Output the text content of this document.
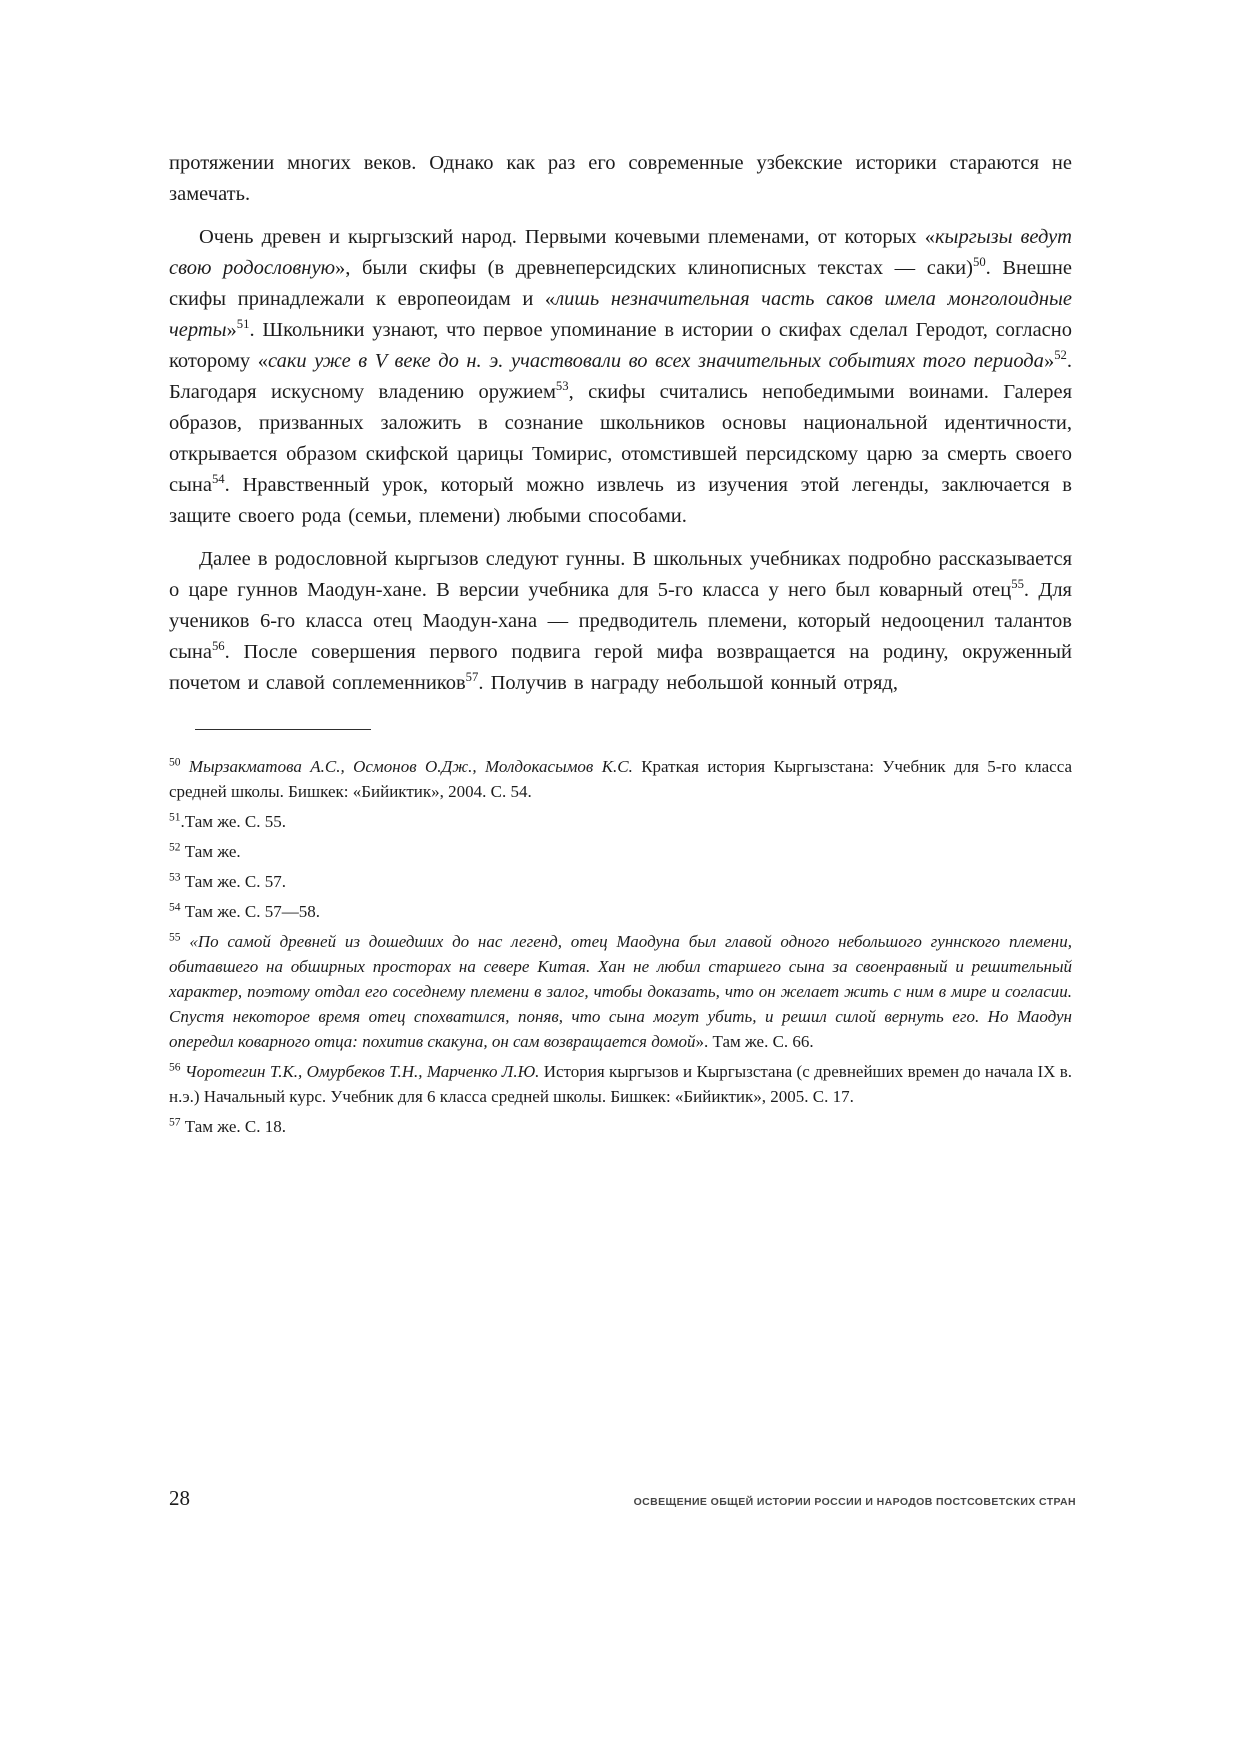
протяжении многих веков. Однако как раз его современные узбекские историки стараются не замечать.

Очень древен и кыргызский народ. Первыми кочевыми племенами, от которых «кыргызы ведут свою родословную», были скифы (в древнеперсидских клинописных текстах — саки)$^{50}$. Внешне скифы принадлежали к европеоидам и «лишь незначительная часть саков имела монголоидные черты»$^{51}$. Школьники узнают, что первое упоминание в истории о скифах сделал Геродот, согласно которому «саки уже в V веке до н. э. участвовали во всех значительных событиях того периода»$^{52}$. Благодаря искусному владению оружием$^{53}$, скифы считались непобедимыми воинами. Галерея образов, призванных заложить в сознание школьников основы национальной идентичности, открывается образом скифской царицы Томирис, отомстившей персидскому царю за смерть своего сына$^{54}$. Нравственный урок, который можно извлечь из изучения этой легенды, заключается в защите своего рода (семьи, племени) любыми способами.

Далее в родословной кыргызов следуют гунны. В школьных учебниках подробно рассказывается о царе гуннов Маодун-хане. В версии учебника для 5-го класса у него был коварный отец$^{55}$. Для учеников 6-го класса отец Маодун-хана — предводитель племени, который недооценил талантов сына$^{56}$. После совершения первого подвига герой мифа возвращается на родину, окруженный почетом и славой соплеменников$^{57}$. Получив в награду небольшой конный отряд,

$^{50}$ Мырзакматова А.С., Осмонов О.Дж., Молдокасымов К.С. Краткая история Кыргызстана: Учебник для 5-го класса средней школы. Бишкек: «Бийиктик», 2004. С. 54.

$^{51}$.Там же. С. 55.

$^{52}$ Там же.

$^{53}$ Там же. С. 57.

$^{54}$ Там же. С. 57—58.

$^{55}$ «По самой древней из дошедших до нас легенд, отец Маодуна был главой одного небольшого гуннского племени, обитавшего на обширных просторах на севере Китая. Хан не любил старшего сына за своенравный и решительный характер, поэтому отдал его соседнему племени в залог, чтобы доказать, что он желает жить с ним в мире и согласии. Спустя некоторое время отец спохватился, поняв, что сына могут убить, и решил силой вернуть его. Но Маодун опередил коварного отца: похитив скакуна, он сам возвращается домой». Там же. С. 66.

$^{56}$ Чоротегин Т.К., Омурбеков Т.Н., Марченко Л.Ю. История кыргызов и Кыргызстана (с древнейших времен до начала IX в. н.э.) Начальный курс. Учебник для 6 класса средней школы. Бишкек: «Бийиктик», 2005. С. 17.

$^{57}$ Там же. С. 18.

28	ОСВЕЩЕНИЕ ОБЩЕЙ ИСТОРИИ РОССИИ И НАРОДОВ ПОСТСОВЕТСКИХ СТРАН
